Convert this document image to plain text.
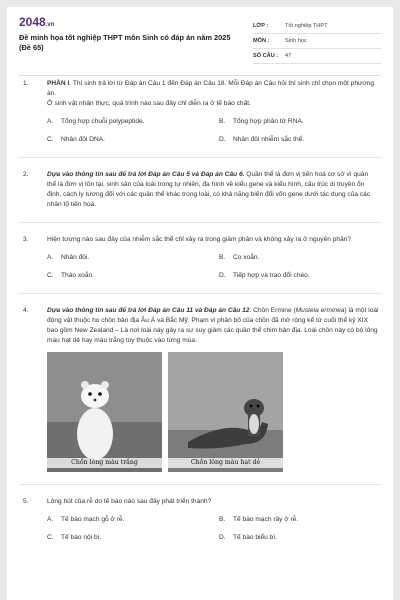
2048.vn
Đề minh họa tốt nghiệp THPT môn Sinh có đáp án năm 2025 (Đề 65)
LỚP :	Tốt nghiệp THPT
MÔN :	Sinh học
SỐ CÂU :	47
1.	PHẦN I. Thí sinh trả lời từ Đáp án Câu 1 đến Đáp án Câu 18. Mỗi Đáp án Câu hỏi thí sinh chỉ chọn một phương án.
Ở sinh vật nhân thực, quá trình nào sau đây chỉ diễn ra ở tế bào chất.
A. Tổng hợp chuỗi polypeptide.	B. Tổng hợp phân tử RNA.
C. Nhân đôi DNA.	D. Nhân đôi nhiễm sắc thể.
2.	Dựa vào thông tin sau để trả lời Đáp án Câu 5 và Đáp án Câu 6. Quần thể là đơn vị tiến hoá cơ sở vì quần thể là đơn vị tồn tại, sinh sản của loài trong tự nhiên, đa hình về kiểu gene và kiểu hình, cấu trúc di truyền ổn định, cách ly tương đối với các quần thể khác trong loài, có khả năng biến đổi vốn gene dưới tác dụng của các nhân tố tiến hoá.
3.	Hiện tượng nào sau đây của nhiễm sắc thể chỉ xảy ra trong giảm phân và không xảy ra ở nguyên phân?
A. Nhân đôi.	B. Co xoắn.
C. Tháo xoắn.	D. Tiếp hợp và trao đổi chéo.
4.	Dựa vào thông tin sau để trả lời Đáp án Câu 11 và Đáp án Câu 12. Chồn Ermine (Mustela erminea) là một loài động vật thuộc họ chồn bản địa Âu Á và Bắc Mỹ. Phạm vi phân bố của chồn đã mở rộng kể từ cuối thế kỷ XIX bao gồm New Zealand – Là nơi loài này gây ra sự suy giảm các quần thể chim bản địa. Loài chồn này có bộ lông màu hạt dẻ hay màu trắng tùy thuộc vào từng mùa.
Chồn lông màu trắng	Chồn lông màu hạt dẻ
5.	Lông hút của rễ do tế bào nào sau đây phát triển thành?
A. Tế bào mạch gỗ ở rễ.	B. Tế bào mạch rây ở rễ.
C. Tế bào nội bì.	D. Tế bào biểu bì.
